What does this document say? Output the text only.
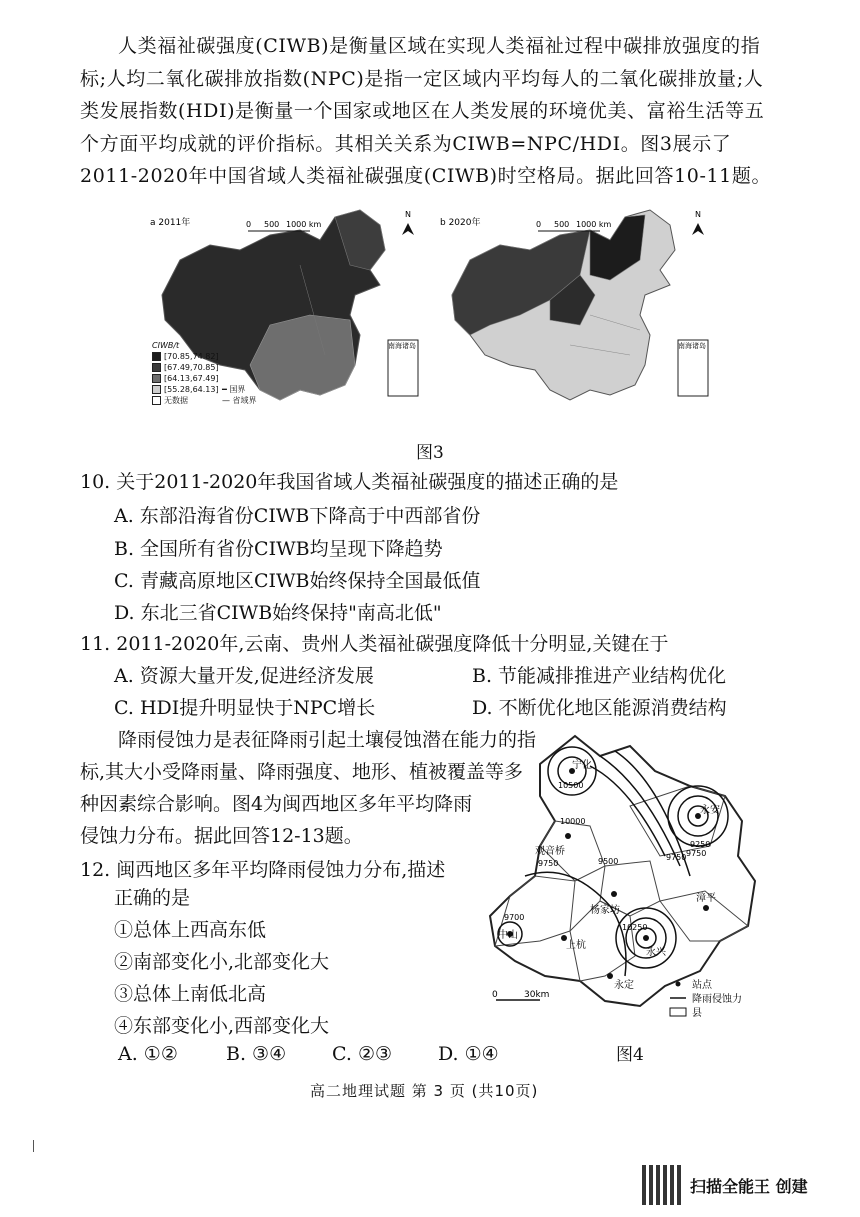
人类福祉碳强度(CIWB)是衡量区域在实现人类福祉过程中碳排放强度的指标;人均二氧化碳排放指数(NPC)是指一定区域内平均每人的二氧化碳排放量;人类发展指数(HDI)是衡量一个国家或地区在人类发展的环境优美、富裕生活等五个方面平均成就的评价指标。其相关关系为CIWB=NPC/HDI。图3展示了2011-2020年中国省域人类福祉碳强度(CIWB)时空格局。据此回答10-11题。
a 2011年
南海诸岛
0 500 1000 km
N
b 2020年
南海诸岛
0 500 1000 km
N
CIWB/t
[70.85,74.82]
[67.49,70.85]
[64.13,67.49]
[55.28,64.13]
无数据
━ 国界
— 省域界
图3
10. 关于2011-2020年我国省域人类福祉碳强度的描述正确的是
A. 东部沿海省份CIWB下降高于中西部省份
B. 全国所有省份CIWB均呈现下降趋势
C. 青藏高原地区CIWB始终保持全国最低值
D. 东北三省CIWB始终保持"南高北低"
11. 2011-2020年,云南、贵州人类福祉碳强度降低十分明显,关键在于
A. 资源大量开发,促进经济发展	B. 节能减排推进产业结构优化
C. HDI提升明显快于NPC增长	D. 不断优化地区能源消费结构
降雨侵蚀力是表征降雨引起土壤侵蚀潜在能力的指
标,其大小受降雨量、降雨强度、地形、植被覆盖等多
种因素综合影响。图4为闽西地区多年平均降雨
侵蚀力分布。据此回答12-13题。
12. 闽西地区多年平均降雨侵蚀力分布,描述
正确的是
①总体上西高东低
②南部变化小,北部变化大
③总体上南低北高
④东部变化小,西部变化大
A. ①②	B. ③④ C. ②③ D. ①④
宁化
永安
观音桥
杨家坊
漳平
中山
上杭
永定
永兴
10500
10000
9750	9500
9250
9750
9700
10250
9750
0	30km
站点
降雨侵蚀力
县
图4
高二地理试题 第 3 页 (共10页)
扫描全能王 创建
